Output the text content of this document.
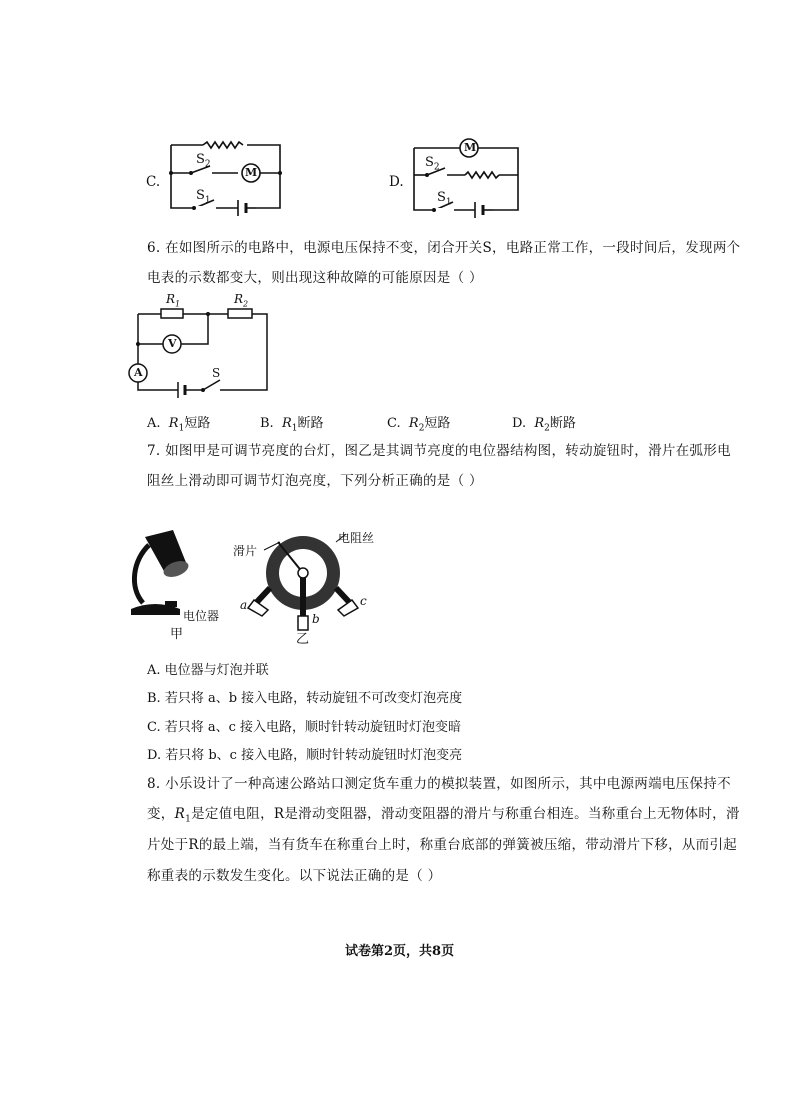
C.
$S_2$
M
$S_1$
D.
M
$S_2$
$S_1$
6. 在如图所示的电路中，电源电压保持不变，闭合开关S，电路正常工作，一段时间后，发现两个
电表的示数都变大，则出现这种故障的可能原因是（ ）
$R_1$	$R_2$
V
A	S
A. $R_1$短路	B. $R_1$断路	C. $R_2$短路	D. $R_2$断路
7. 如图甲是可调节亮度的台灯，图乙是其调节亮度的电位器结构图，转动旋钮时，滑片在弧形电
阻丝上滑动即可调节灯泡亮度，下列分析正确的是（ ）
电位器
甲
滑片
电阻丝
a
b
c
乙
A. 电位器与灯泡并联
B. 若只将 a、b 接入电路，转动旋钮不可改变灯泡亮度
C. 若只将 a、c 接入电路，顺时针转动旋钮时灯泡变暗
D. 若只将 b、c 接入电路，顺时针转动旋钮时灯泡变亮
8. 小乐设计了一种高速公路站口测定货车重力的模拟装置，如图所示，其中电源两端电压保持不
变，$R_1$是定值电阻，R是滑动变阻器，滑动变阻器的滑片与称重台相连。当称重台上无物体时，滑
片处于R的最上端，当有货车在称重台上时，称重台底部的弹簧被压缩，带动滑片下移，从而引起
称重表的示数发生变化。以下说法正确的是（ ）
试卷第2页，共8页
